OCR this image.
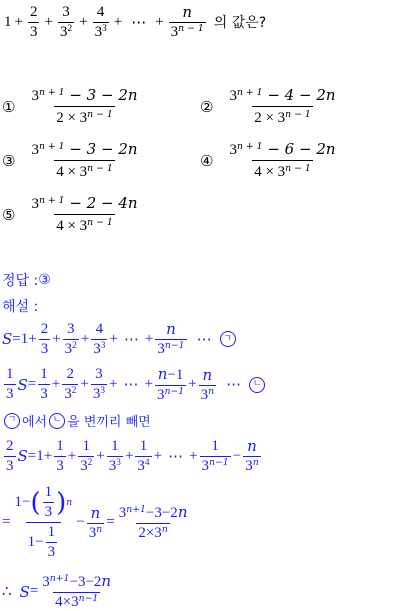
$1 + \frac{2}{3} + \frac{3}{3^2} + \frac{4}{3^3}$ + ⋯ + $\frac{n}{3^{n - 1}}$ 의 값은?
①
$3^{n + 1} - 3 - 2n$
$2 \times 3^{n - 1}$	②
$3^{n + 1} - 4 - 2n$
$2 \times 3^{n - 1}$
③
$3^{n + 1} - 3 - 2n$
$4 \times 3^{n - 1}$	④
$3^{n + 1} - 6 - 2n$
$4 \times 3^{n - 1}$
⑤
$3^{n + 1} - 2 - 4n$
$4 \times 3^{n - 1}$
정답 : ③
해설 :
$S =1+ \frac{2}{3} + \frac{3}{3^2} + \frac{4}{3^3}$ + ⋯ + $\frac{n}{3^{n-1}}$ ⋯	ㄱ
1
3
$S = \frac{1}{3} + \frac{2}{3^2} + \frac{3}{3^3}$ + ⋯ + $\frac{n-1}{3^{n-1}} + \frac{n}{3^n}$ ⋯	ㄴ
ㄱ 에서 ㄴ 을 변끼리 빼면
2
3
$S =1+ \frac{1}{3} + \frac{1}{3^2} + \frac{1}{3^3} + \frac{1}{3^4}$ + ⋯ + $\frac{1}{3^{n-1}} - \frac{n}{3^n}$
= 1− ( 1
3 ) n
$1- \frac{1}{3} - \frac{n}{3^n} = \frac{3^{n+1}-3-2n}{2\times 3^n}$
∴ $S = \frac{3^{n+1}-3-2n}{4\times 3^{n-1}}$
